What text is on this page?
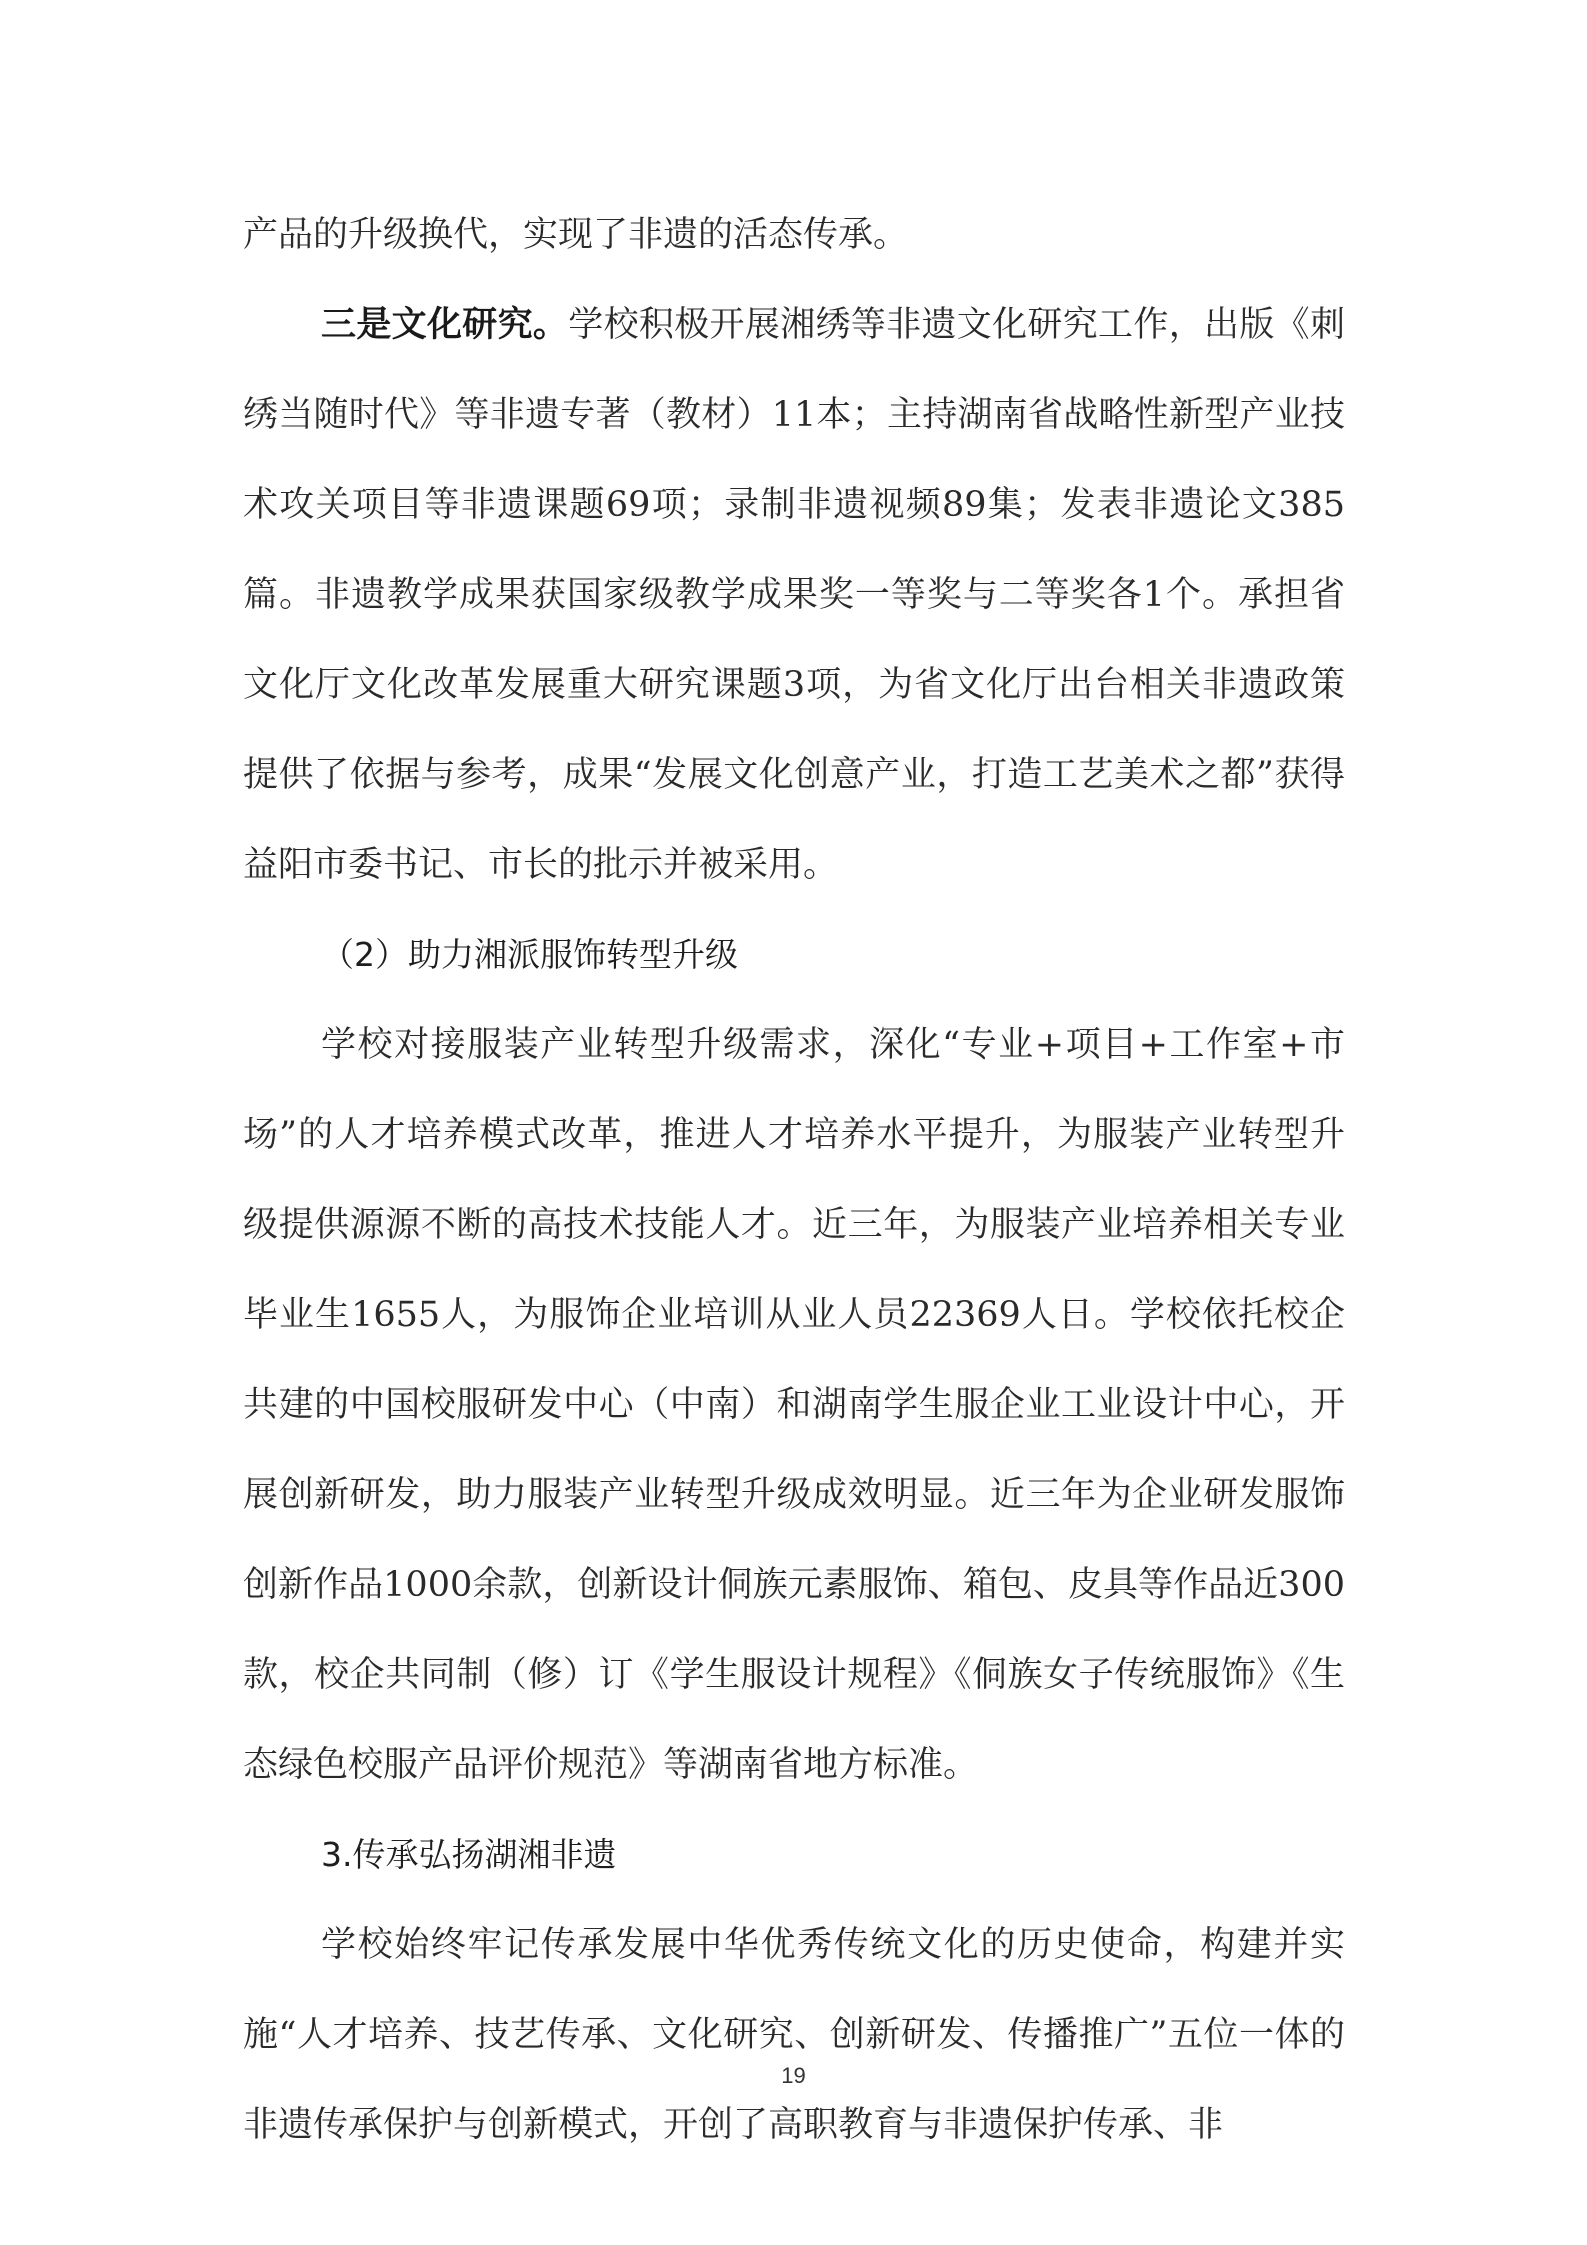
产品的升级换代，实现了非遗的活态传承。

三是文化研究。学校积极开展湘绣等非遗文化研究工作，出版《刺绣当随时代》等非遗专著（教材）11本；主持湖南省战略性新型产业技术攻关项目等非遗课题69项；录制非遗视频89集；发表非遗论文385篇。非遗教学成果获国家级教学成果奖一等奖与二等奖各1个。承担省文化厅文化改革发展重大研究课题3项，为省文化厅出台相关非遗政策提供了依据与参考，成果“发展文化创意产业，打造工艺美术之都”获得益阳市委书记、市长的批示并被采用。

（2）助力湘派服饰转型升级

学校对接服装产业转型升级需求，深化“专业+项目+工作室+市场”的人才培养模式改革，推进人才培养水平提升，为服装产业转型升级提供源源不断的高技术技能人才。近三年，为服装产业培养相关专业毕业生1655人，为服饰企业培训从业人员22369人日。学校依托校企共建的中国校服研发中心（中南）和湖南学生服企业工业设计中心，开展创新研发，助力服装产业转型升级成效明显。近三年为企业研发服饰创新作品1000余款，创新设计侗族元素服饰、箱包、皮具等作品近300款，校企共同制（修）订《学生服设计规程》《侗族女子传统服饰》《生态绿色校服产品评价规范》等湖南省地方标准。

3.传承弘扬湖湘非遗

学校始终牢记传承发展中华优秀传统文化的历史使命，构建并实施“人才培养、技艺传承、文化研究、创新研发、传播推广”五位一体的非遗传承保护与创新模式，开创了高职教育与非遗保护传承、非

19
